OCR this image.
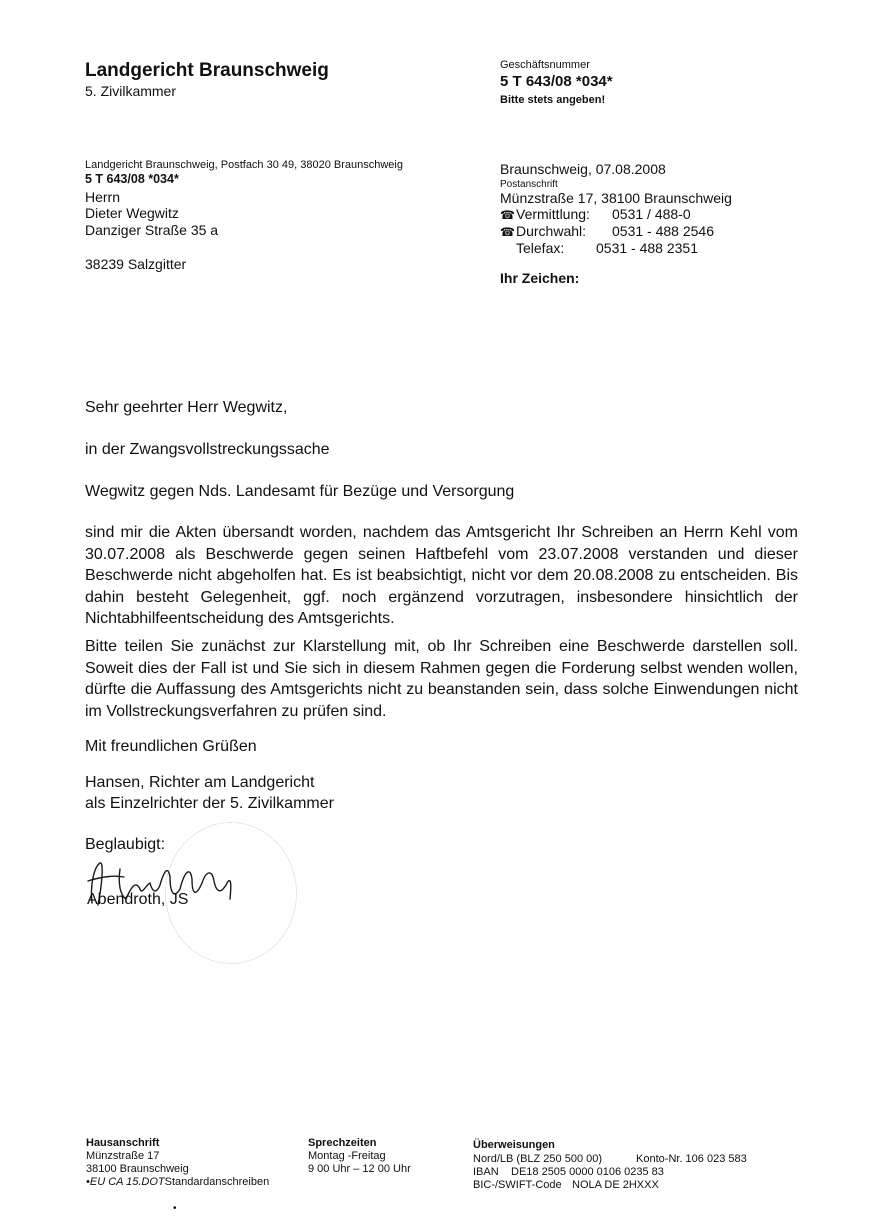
Landgericht Braunschweig
5. Zivilkammer
Geschäftsnummer
5 T 643/08 *034*
Bitte stets angeben!
Landgericht Braunschweig, Postfach 30 49, 38020 Braunschweig
5 T 643/08 *034*
Herrn
Dieter Wegwitz
Danziger Straße 35 a
38239 Salzgitter
Braunschweig, 07.08.2008
Postanschrift
Münzstraße 17, 38100 Braunschweig
☎Vermittlung: 0531 / 488-0
☎Durchwahl: 0531 - 488 2546
Telefax: 0531 - 488 2351
Ihr Zeichen:
Sehr geehrter Herr Wegwitz,
in der Zwangsvollstreckungssache
Wegwitz gegen Nds. Landesamt für Bezüge und Versorgung
sind mir die Akten übersandt worden, nachdem das Amtsgericht Ihr Schreiben an Herrn Kehl vom 30.07.2008 als Beschwerde gegen seinen Haftbefehl vom 23.07.2008 verstanden und dieser Beschwerde nicht abgeholfen hat. Es ist beabsichtigt, nicht vor dem 20.08.2008 zu entscheiden. Bis dahin besteht Gelegenheit, ggf. noch ergänzend vorzutragen, insbesondere hinsichtlich der Nichtabhilfeentscheidung des Amtsgerichts.
Bitte teilen Sie zunächst zur Klarstellung mit, ob Ihr Schreiben eine Beschwerde darstellen soll. Soweit dies der Fall ist und Sie sich in diesem Rahmen gegen die Forderung selbst wenden wollen, dürfte die Auffassung des Amtsgerichts nicht zu beanstanden sein, dass solche Einwendungen nicht im Vollstreckungsverfahren zu prüfen sind.
Mit freundlichen Grüßen
Hansen, Richter am Landgericht
als Einzelrichter der 5. Zivilkammer
Beglaubigt:
Abendroth, JS
Hausanschrift
Münzstraße 17
38100 Braunschweig
•EU CA 15.DOTStandardanschreiben
Sprechzeiten
Montag -Freitag
9 00 Uhr – 12 00 Uhr
Überweisungen
Nord/LB (BLZ 250 500 00)	Konto-Nr. 106 023 583
IBAN DE18 2505 0000 0106 0235 83
BIC-/SWIFT-Code NOLA DE 2HXXX
•
